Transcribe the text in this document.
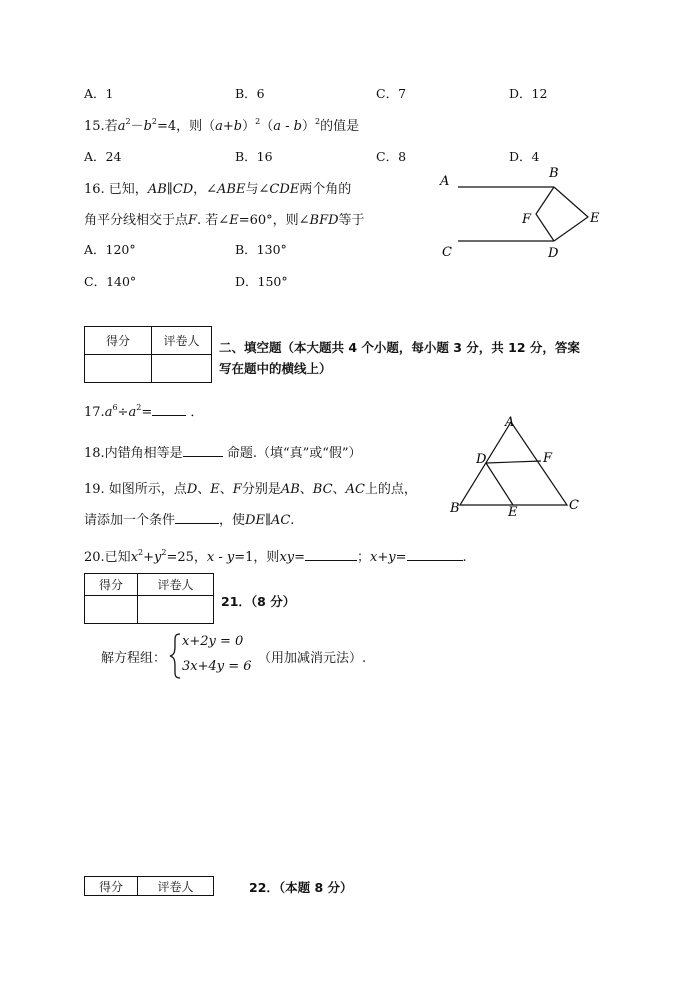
A．1	B．6	C．7	D．12
15.若$a^2-b^2=4$，则$(a+b)^2(a - b)^2$的值是
A．24	B．16	C．8	D．4
16. 已知，AB∥CD，∠ABE与∠CDE两个角的
角平分线相交于点F. 若∠E=60°，则∠BFD等于
A．120°	B．130°
C．140°	D．150°
A
B
C	D
E
F
得分	评卷人
	二、填空题（本大题共 4 个小题，每小题 3 分，共 12 分，答案
写在题中的横线上）
$17.a^6\div a^2=$	．
18.内错角相等是	命题.（填“真”或“假”）
19. 如图所示，点D、E、F分别是AB、BC、AC上的点，
请添加一个条件	，使DE∥AC.
A
B	C
D
E
F
20.已知$x^2+y^2=25$，x - y=1，则xy=	；x+y=	.
得分	评卷人

21．（8 分）
解方程组：
x+2y = 0
3x+4y = 6
（用加减消元法）.
得分	评卷人	22．（本题 8 分）
